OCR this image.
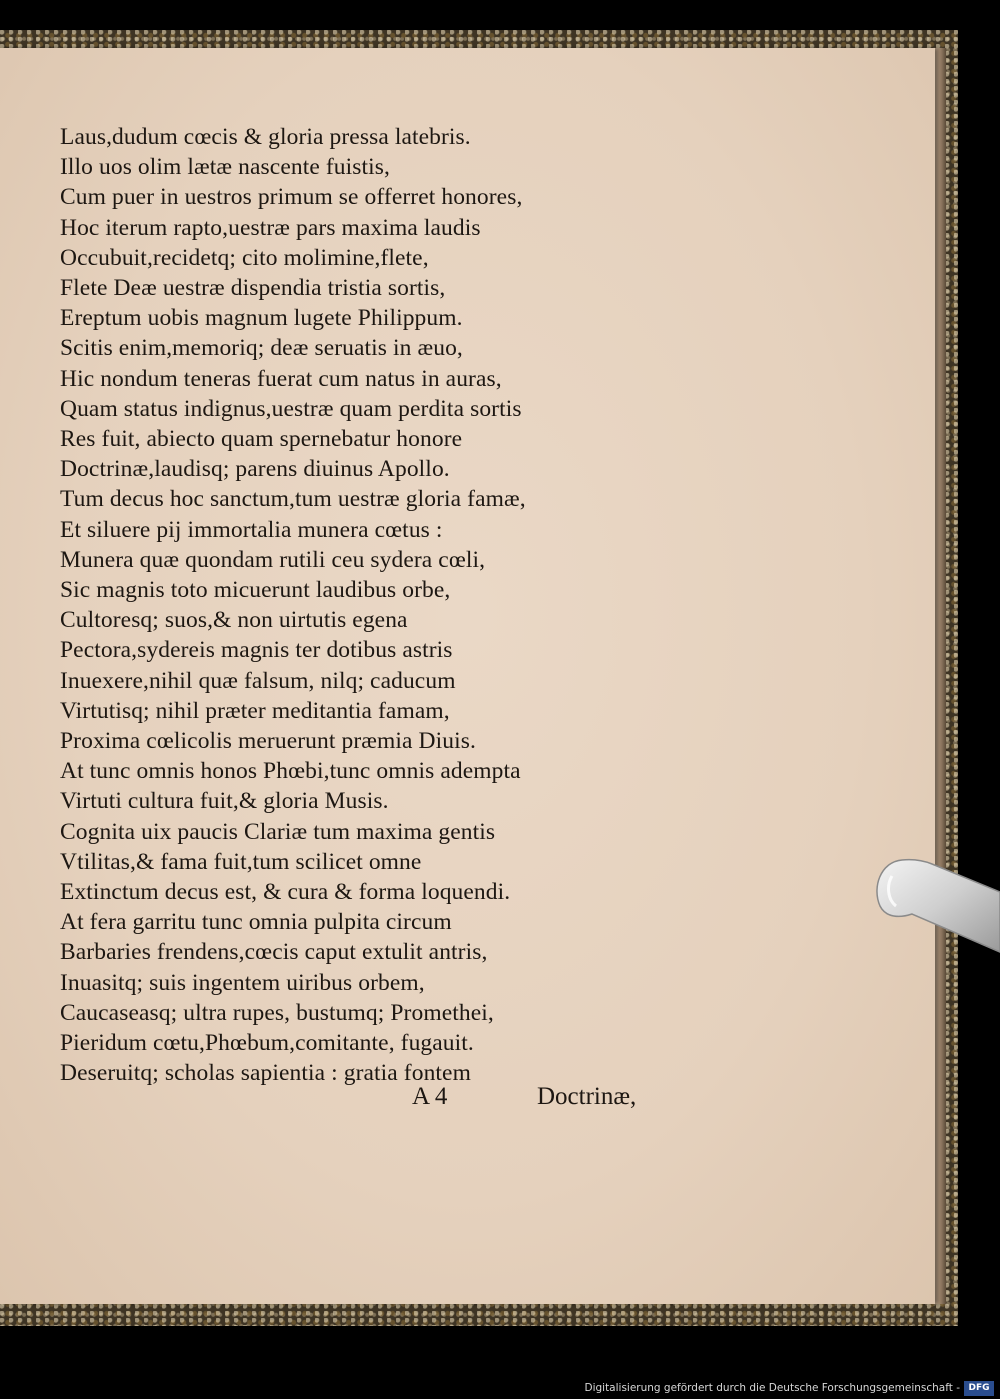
Laus,dudum cœcis & gloria pressa latebris.
Illo uos olim lætæ nascente fuistis,
Cum puer in uestros primum se offerret honores,
Hoc iterum rapto,uestræ pars maxima laudis
Occubuit,recidetq; cito molimine,flete,
Flete Deæ uestræ dispendia tristia sortis,
Ereptum uobis magnum lugete Philippum.
Scitis enim,memoriq; deæ seruatis in æuo,
Hic nondum teneras fuerat cum natus in auras,
Quam status indignus,uestræ quam perdita sortis
Res fuit, abiecto quam spernebatur honore
Doctrinæ,laudisq; parens diuinus Apollo.
Tum decus hoc sanctum,tum uestræ gloria famæ,
Et siluere pij immortalia munera cœtus :
Munera quæ quondam rutili ceu sydera cœli,
Sic magnis toto micuerunt laudibus orbe,
Cultoresq; suos,& non uirtutis egena
Pectora,sydereis magnis ter dotibus astris
Inuexere,nihil quæ falsum, nilq; caducum
Virtutisq; nihil præter meditantia famam,
Proxima cœlicolis meruerunt præmia Diuis.
At tunc omnis honos Phœbi,tunc omnis adempta
Virtuti cultura fuit,& gloria Musis.
Cognita uix paucis Clariæ tum maxima gentis
Vtilitas,& fama fuit,tum scilicet omne
Extinctum decus est, & cura & forma loquendi.
At fera garritu tunc omnia pulpita circum
Barbaries frendens,cœcis caput extulit antris,
Inuasitq; suis ingentem uiribus orbem,
Caucaseasq; ultra rupes, bustumq; Promethei,
Pieridum cœtu,Phœbum,comitante, fugauit.
Deseruitq; scholas sapientia : gratia fontem
A 4	Doctrinæ,
Digitalisierung gefördert durch die Deutsche Forschungsgemeinschaft - DFG
